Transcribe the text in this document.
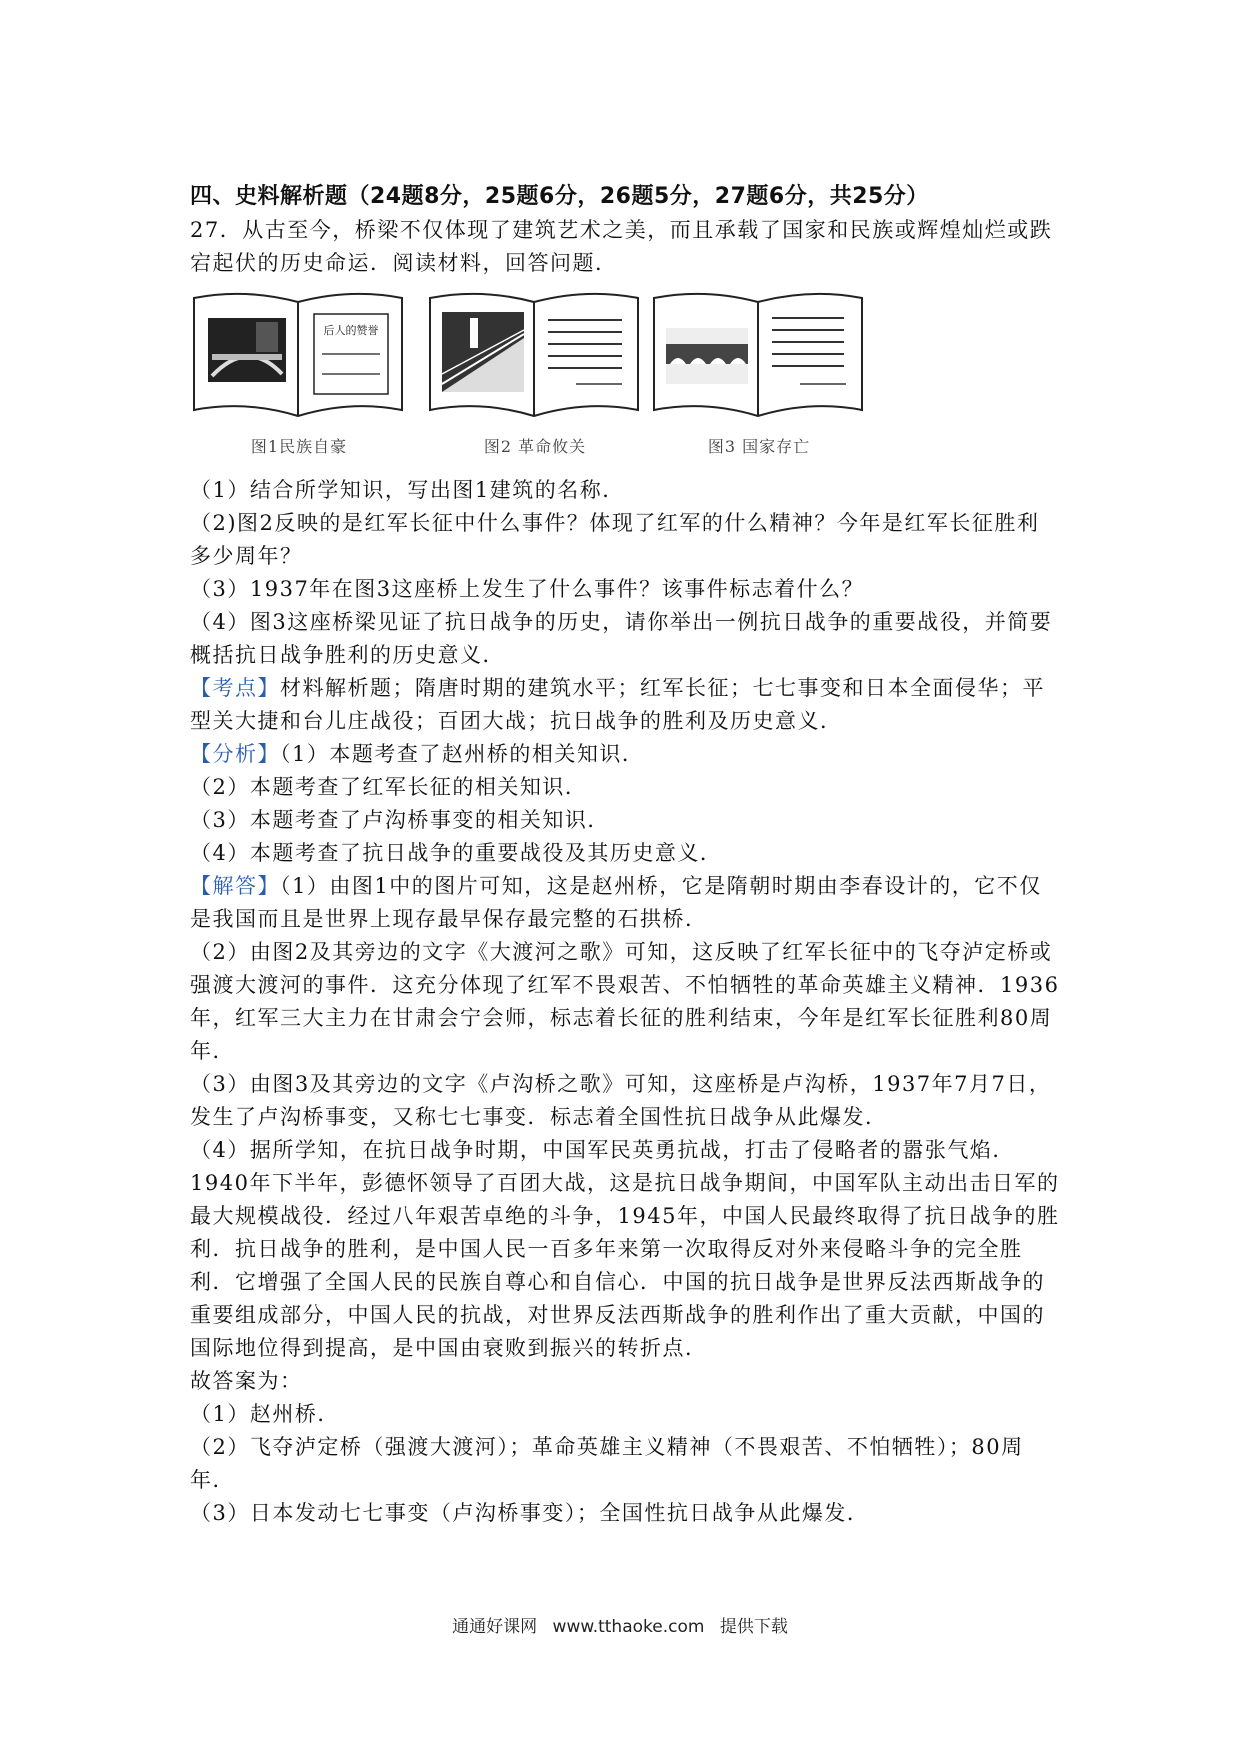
四、史料解析题（24题8分，25题6分，26题5分，27题6分，共25分）

27．从古至今，桥梁不仅体现了建筑艺术之美，而且承载了国家和民族或辉煌灿烂或跌宕起伏的历史命运．阅读材料，回答问题．

后人的赞誉
图1民族自豪	图2 革命攸关	图3 国家存亡

（1）结合所学知识，写出图1建筑的名称．

（2)图2反映的是红军长征中什么事件？体现了红军的什么精神？今年是红军长征胜利多少周年？

（3）1937年在图3这座桥上发生了什么事件？该事件标志着什么？

（4）图3这座桥梁见证了抗日战争的历史，请你举出一例抗日战争的重要战役，并简要概括抗日战争胜利的历史意义．

【考点】材料解析题；隋唐时期的建筑水平；红军长征；七七事变和日本全面侵华；平型关大捷和台儿庄战役；百团大战；抗日战争的胜利及历史意义．

【分析】（1）本题考查了赵州桥的相关知识．

（2）本题考查了红军长征的相关知识．

（3）本题考查了卢沟桥事变的相关知识．

（4）本题考查了抗日战争的重要战役及其历史意义．

【解答】（1）由图1中的图片可知，这是赵州桥，它是隋朝时期由李春设计的，它不仅是我国而且是世界上现存最早保存最完整的石拱桥．

（2）由图2及其旁边的文字《大渡河之歌》可知，这反映了红军长征中的飞夺泸定桥或强渡大渡河的事件．这充分体现了红军不畏艰苦、不怕牺牲的革命英雄主义精神．1936年，红军三大主力在甘肃会宁会师，标志着长征的胜利结束，今年是红军长征胜利80周年．

（3）由图3及其旁边的文字《卢沟桥之歌》可知，这座桥是卢沟桥，1937年7月7日，发生了卢沟桥事变，又称七七事变．标志着全国性抗日战争从此爆发．

（4）据所学知，在抗日战争时期，中国军民英勇抗战，打击了侵略者的嚣张气焰．1940年下半年，彭德怀领导了百团大战，这是抗日战争期间，中国军队主动出击日军的最大规模战役．经过八年艰苦卓绝的斗争，1945年，中国人民最终取得了抗日战争的胜利．抗日战争的胜利，是中国人民一百多年来第一次取得反对外来侵略斗争的完全胜利．它增强了全国人民的民族自尊心和自信心．中国的抗日战争是世界反法西斯战争的重要组成部分，中国人民的抗战，对世界反法西斯战争的胜利作出了重大贡献，中国的国际地位得到提高，是中国由衰败到振兴的转折点．

故答案为：

（1）赵州桥．

（2）飞夺泸定桥（强渡大渡河）；革命英雄主义精神（不畏艰苦、不怕牺牲）；80周年．

（3）日本发动七七事变（卢沟桥事变）；全国性抗日战争从此爆发．

通通好课网 www.tthaoke.com 提供下载
